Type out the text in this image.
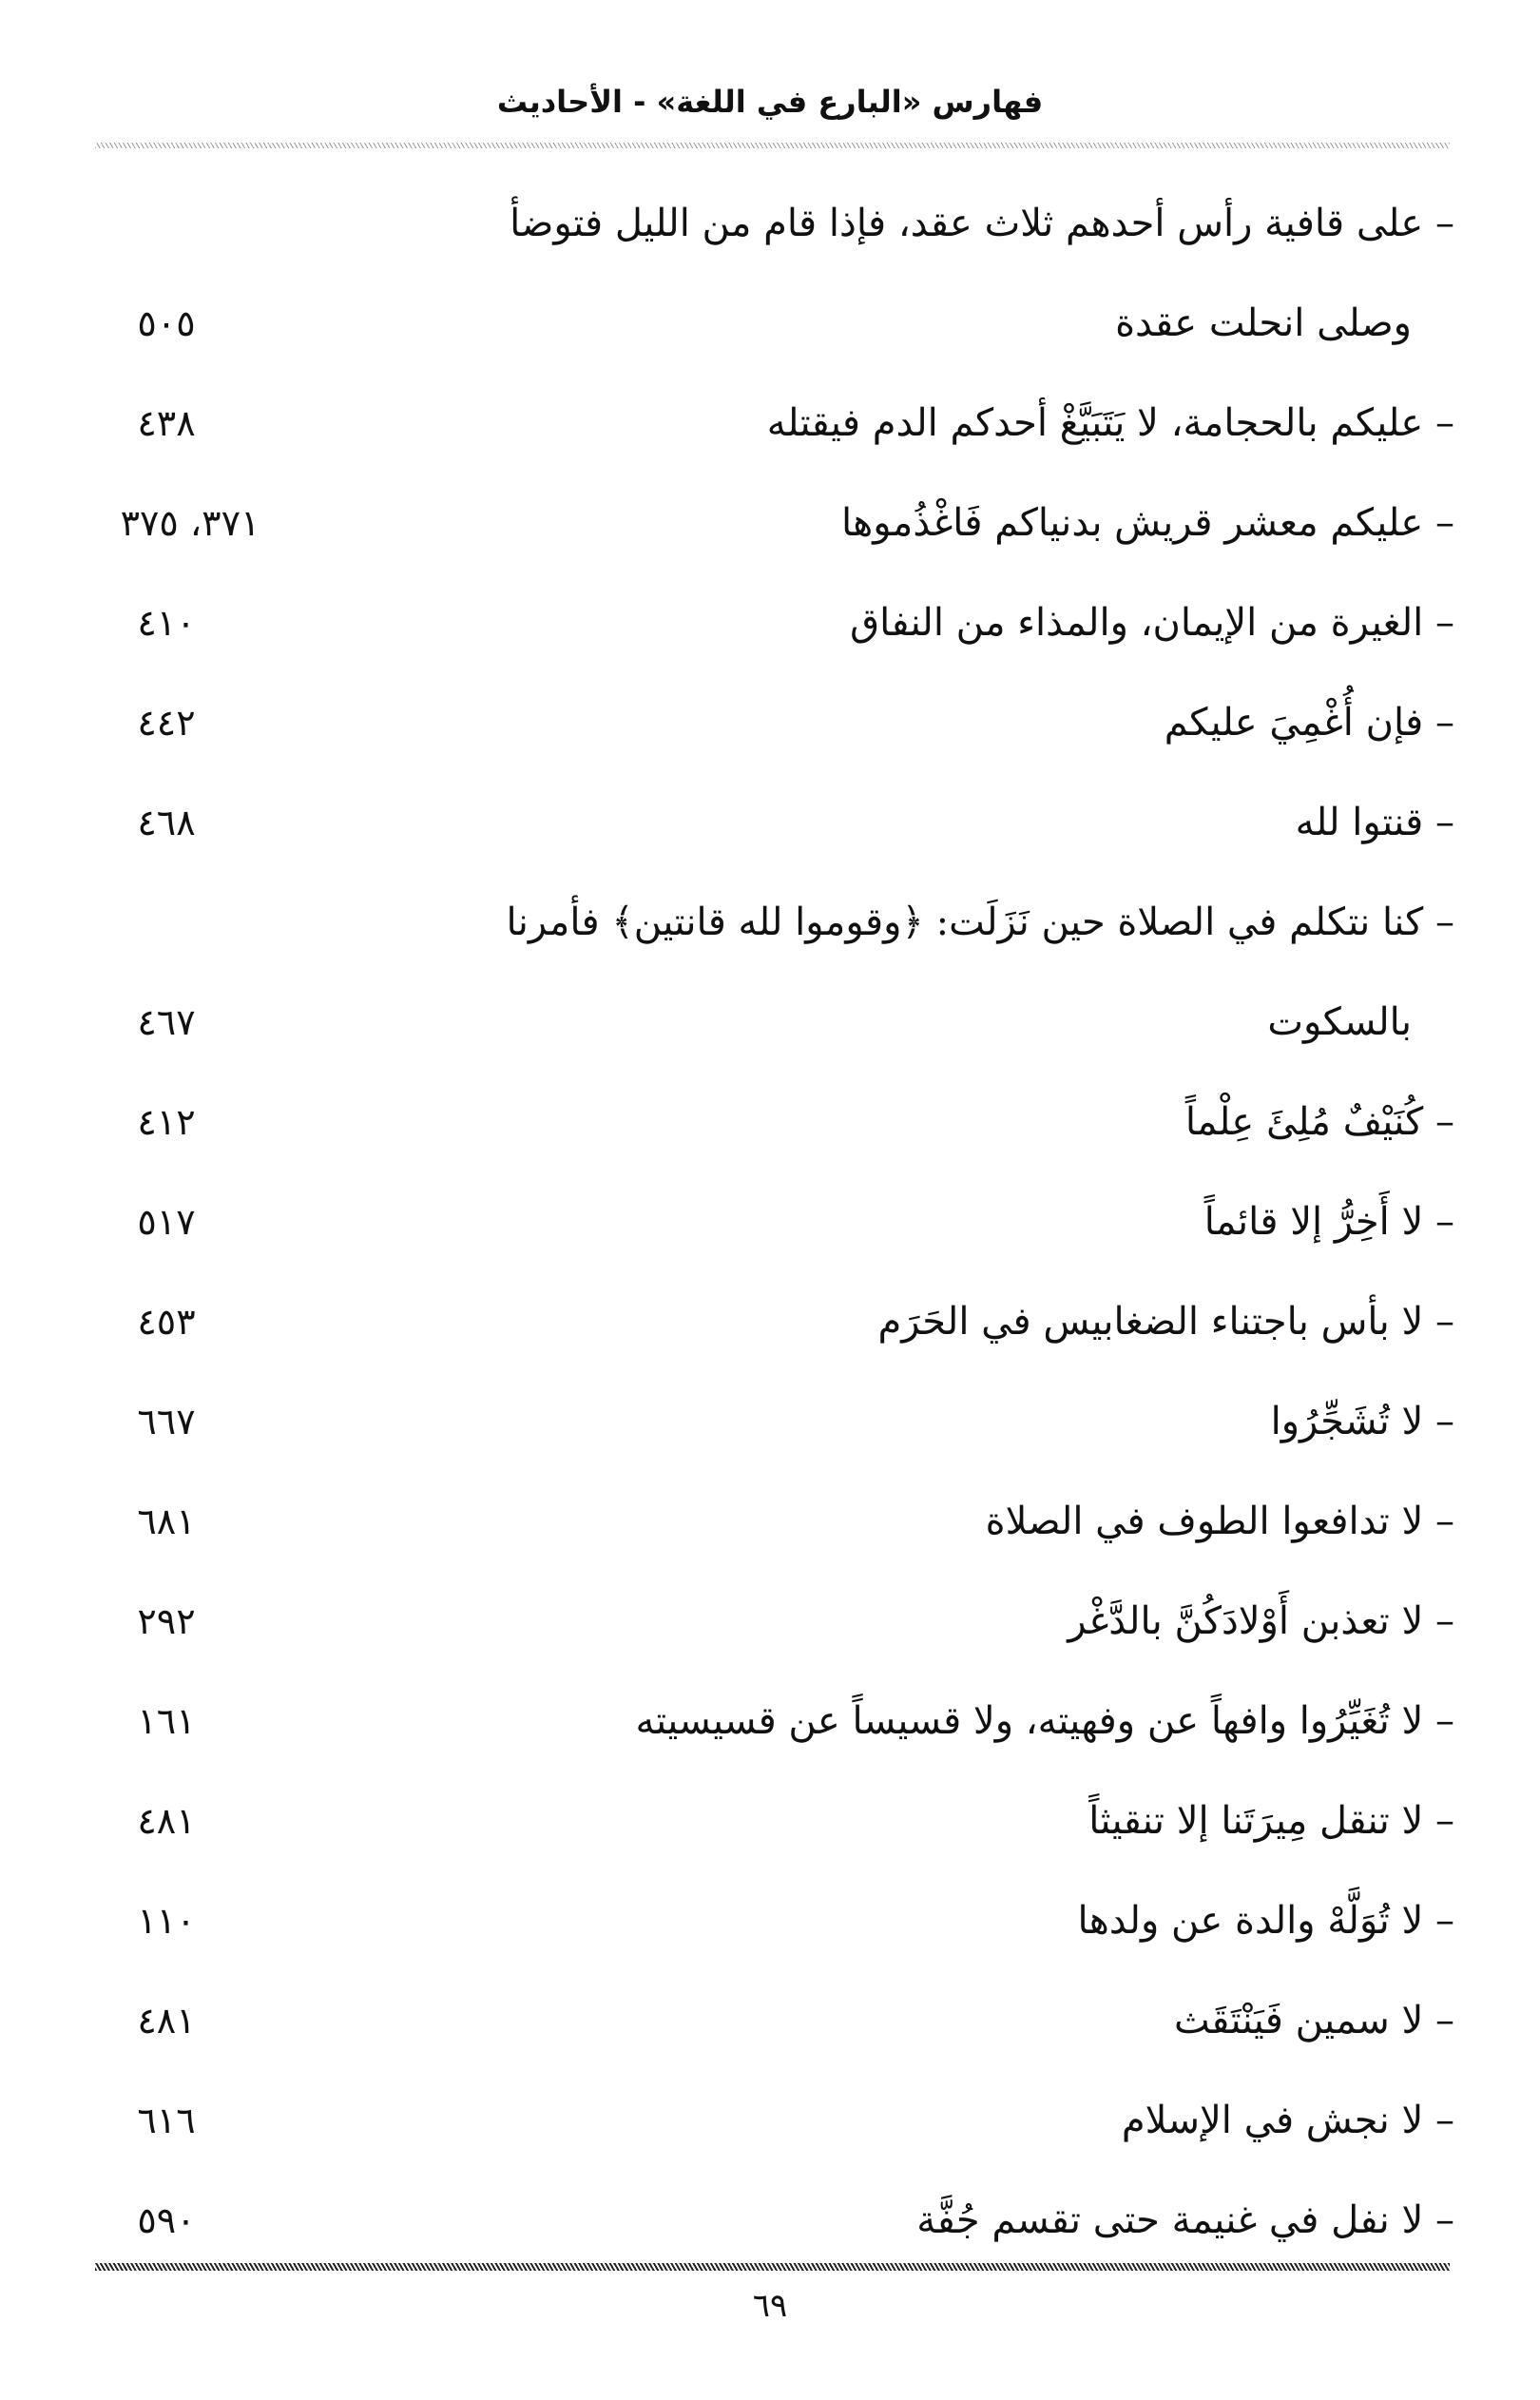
فهارس «البارع في اللغة» - الأحاديث
– على قافية رأس أحدهم ثلاث عقد، فإذا قام من الليل فتوضأ
وصلى انحلت عقدة
٥٠٥
– عليكم بالحجامة، لا يَتَبَيَّغْ أحدكم الدم فيقتله
٤٣٨
– عليكم معشر قريش بدنياكم فَاغْذُموها
٣٧١، ٣٧٥
– الغيرة من الإيمان، والمذاء من النفاق
٤١٠
– فإن أُغْمِيَ عليكم
٤٤٢
– قنتوا لله
٤٦٨
– كنا نتكلم في الصلاة حين نَزَلَت: ﴿وقوموا لله قانتين﴾ فأمرنا
بالسكوت
٤٦٧
– كُنَيْفٌ مُلِئَ عِلْماً
٤١٢
– لا أَخِرُّ إلا قائماً
٥١٧
– لا بأس باجتناء الضغابيس في الحَرَم
٤٥٣
– لا تُشَجِّرُوا
٦٦٧
– لا تدافعوا الطوف في الصلاة
٦٨١
– لا تعذبن أَوْلادَكُنَّ بالدَّغْر
٢٩٢
– لا تُغَيِّرُوا وافهاً عن وفهيته، ولا قسيساً عن قسيسيته
١٦١
– لا تنقل مِيرَتَنا إلا تنقيثاً
٤٨١
– لا تُوَلَّهْ والدة عن ولدها
١١٠
– لا سمين فَيَنْتَقَث
٤٨١
– لا نجش في الإسلام
٦١٦
– لا نفل في غنيمة حتى تقسم جُفَّة
٥٩٠
٦٩
